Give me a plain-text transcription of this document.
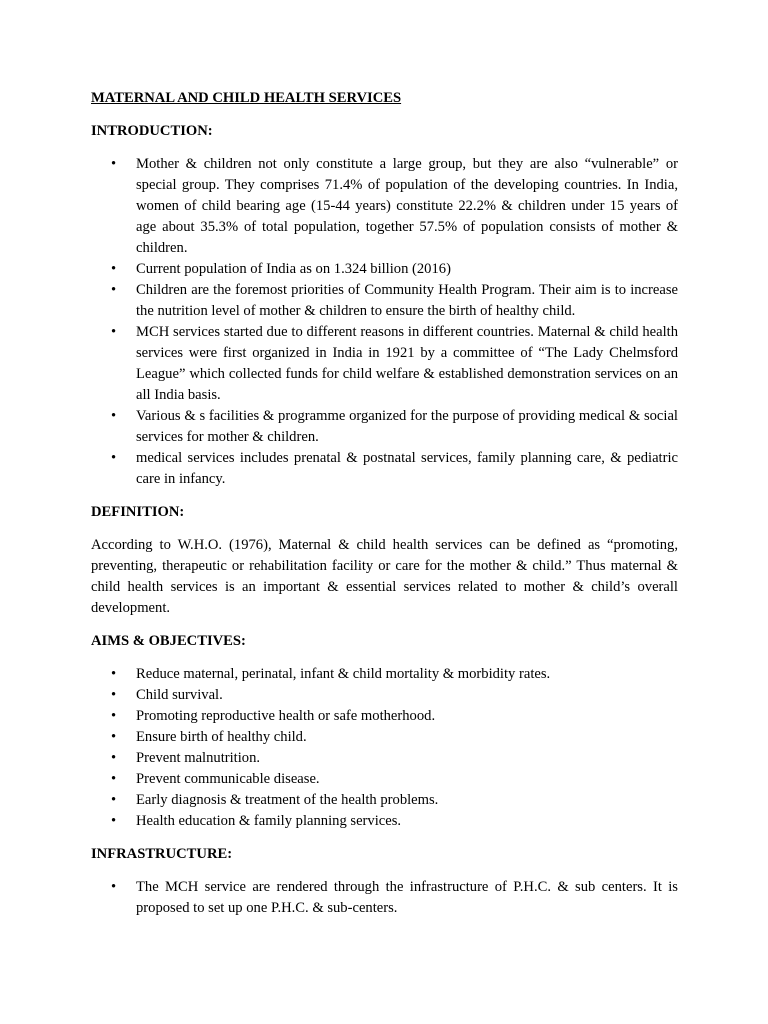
MATERNAL AND CHILD HEALTH SERVICES
INTRODUCTION:
• Mother & children not only constitute a large group, but they are also “vulnerable” or special group. They comprises 71.4% of population of the developing countries. In India, women of child bearing age (15-44 years) constitute 22.2% & children under 15 years of age about 35.3% of total population, together 57.5% of population consists of mother & children.
• Current population of India as on 1.324 billion (2016)
• Children are the foremost priorities of Community Health Program. Their aim is to increase the nutrition level of mother & children to ensure the birth of healthy child.
• MCH services started due to different reasons in different countries. Maternal & child health services were first organized in India in 1921 by a committee of “The Lady Chelmsford League” which collected funds for child welfare & established demonstration services on an all India basis.
• Various & s facilities & programme organized for the purpose of providing medical & social services for mother & children.
• medical services includes prenatal & postnatal services, family planning care, & pediatric care in infancy.
DEFINITION:

According to W.H.O. (1976), Maternal & child health services can be defined as “promoting, preventing, therapeutic or rehabilitation facility or care for the mother & child.” Thus maternal & child health services is an important & essential services related to mother & child’s overall development.

AIMS & OBJECTIVES:
• Reduce maternal, perinatal, infant & child mortality & morbidity rates.
• Child survival.
• Promoting reproductive health or safe motherhood.
• Ensure birth of healthy child.
• Prevent malnutrition.
• Prevent communicable disease.
• Early diagnosis & treatment of the health problems.
• Health education & family planning services.
INFRASTRUCTURE:
• The MCH service are rendered through the infrastructure of P.H.C. & sub centers. It is proposed to set up one P.H.C. & sub-centers.
